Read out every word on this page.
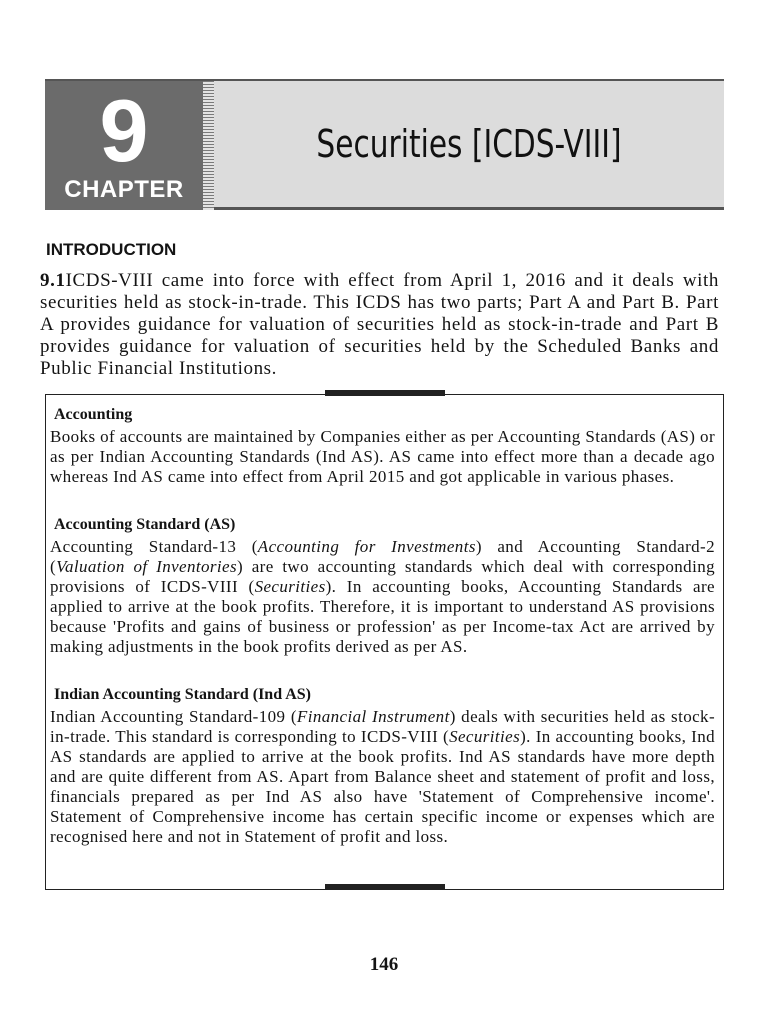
9
CHAPTER
Securities [ICDS-VIII]
INTRODUCTION
9.1ICDS-VIII came into force with effect from April 1, 2016 and it deals with securities held as stock-in-trade. This ICDS has two parts; Part A and Part B. Part A provides guidance for valuation of securities held as stock-in-trade and Part B provides guidance for valuation of securities held by the Scheduled Banks and Public Financial Institutions.
Accounting
Books of accounts are maintained by Companies either as per Accounting Standards (AS) or as per Indian Accounting Standards (Ind AS). AS came into effect more than a decade ago whereas Ind AS came into effect from April 2015 and got applicable in various phases.
Accounting Standard (AS)
Accounting Standard-13 (Accounting for Investments) and Accounting Standard-2 (Valuation of Inventories) are two accounting standards which deal with corresponding provisions of ICDS-VIII (Securities). In accounting books, Accounting Standards are applied to arrive at the book profits. Therefore, it is important to understand AS provisions because 'Profits and gains of business or profession' as per Income-tax Act are arrived by making adjustments in the book profits derived as per AS.
Indian Accounting Standard (Ind AS)
Indian Accounting Standard-109 (Financial Instrument) deals with securities held as stock-in-trade. This standard is corresponding to ICDS-VIII (Securities). In accounting books, Ind AS standards are applied to arrive at the book profits. Ind AS standards have more depth and are quite different from AS. Apart from Balance sheet and statement of profit and loss, financials prepared as per Ind AS also have 'Statement of Comprehensive income'. Statement of Comprehensive income has certain specific income or expenses which are recognised here and not in Statement of profit and loss.
146
